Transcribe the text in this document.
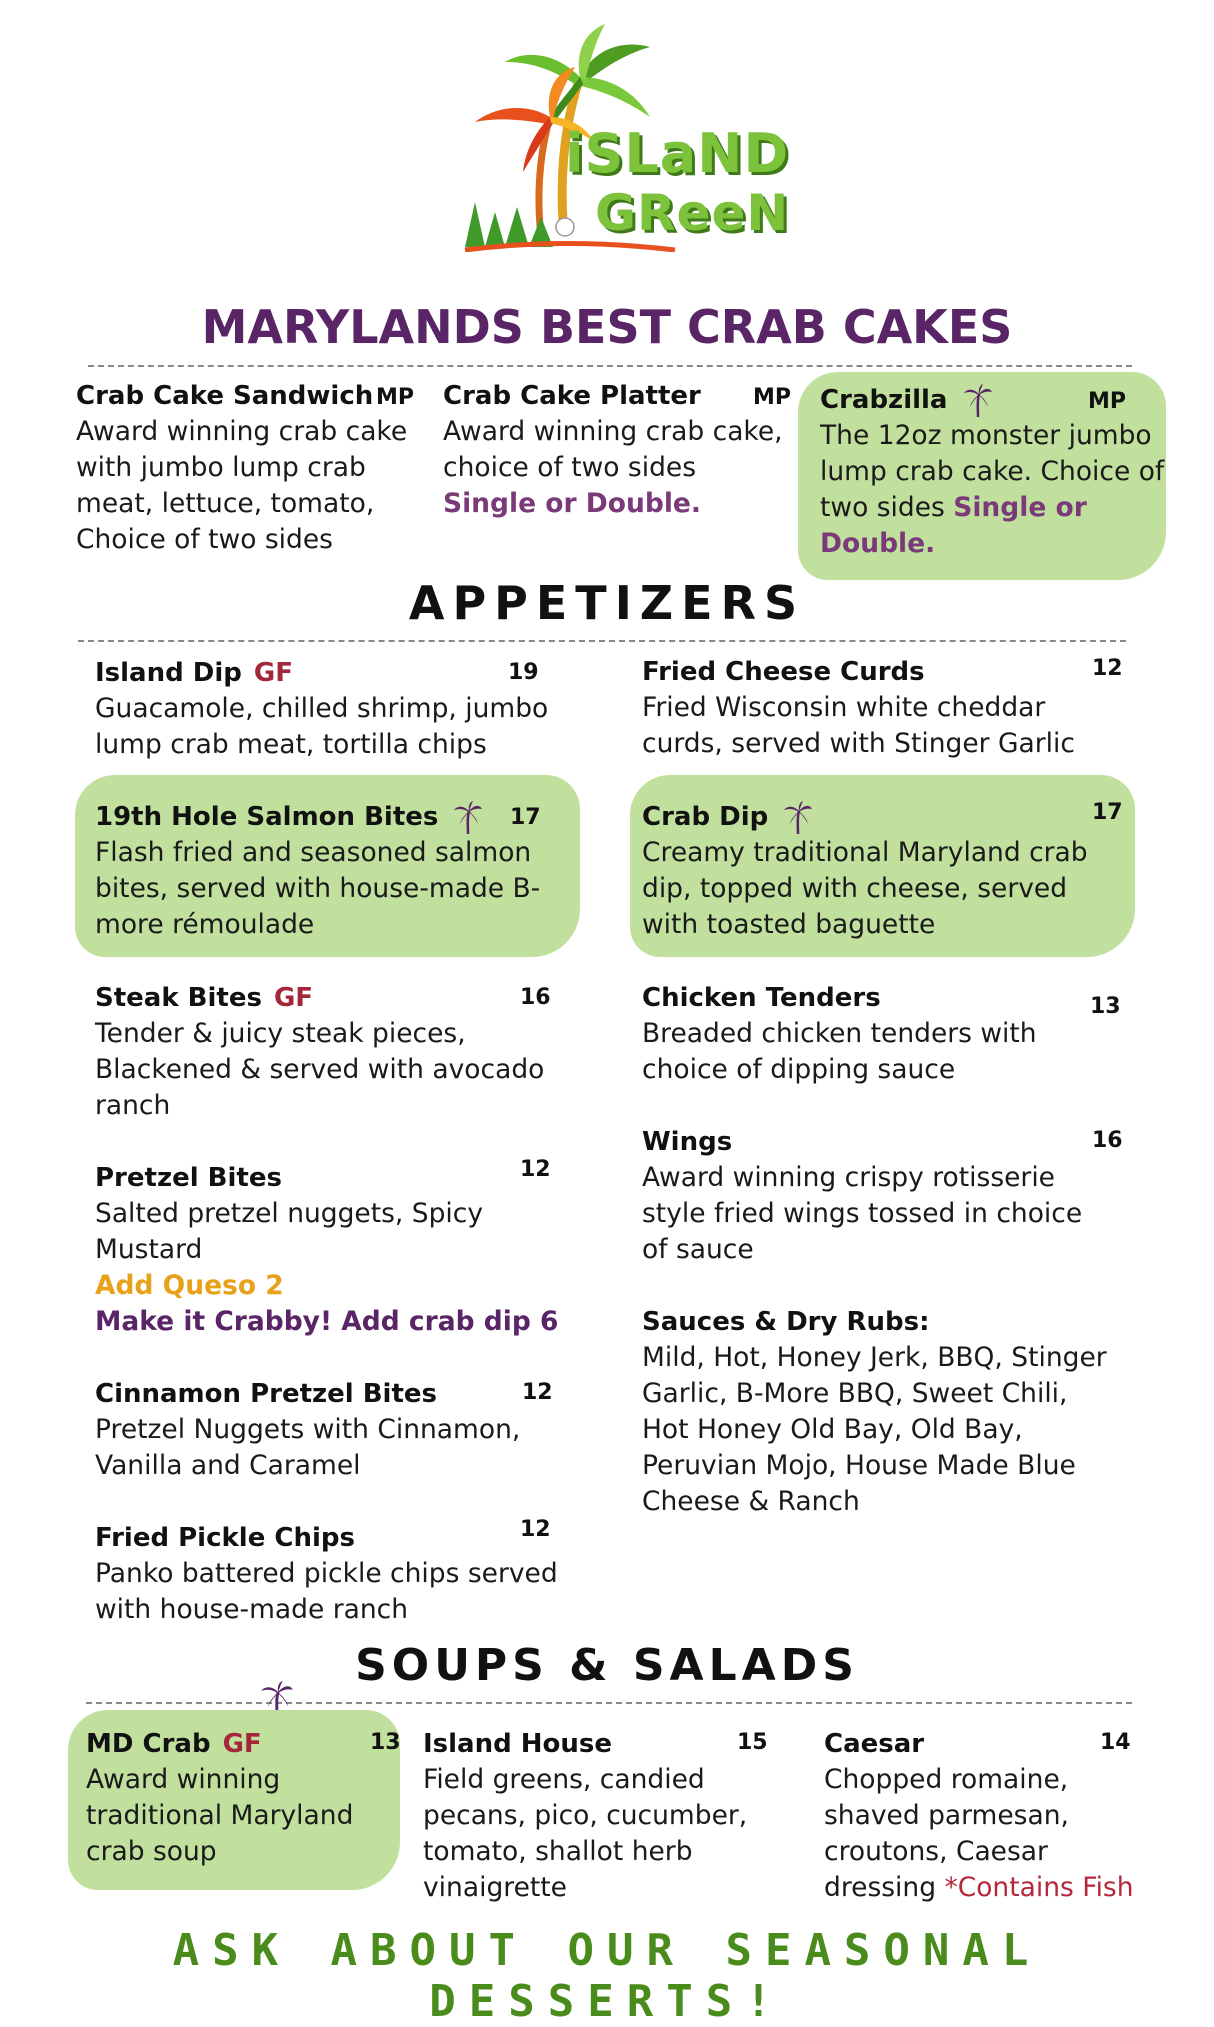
iSLaND
GReeN
MARYLANDS BEST CRAB CAKES
Crab Cake Sandwich
Award winning crab cake with jumbo lump crab meat, lettuce, tomato, Choice of two sides
MP Crab Cake Platter
Award winning crab cake, choice of two sides Single or Double.
MP Crabzilla
The 12oz monster jumbo lump crab cake. Choice of two sides Single or Double.
MP
APPETIZERS
Island Dip GF
Guacamole, chilled shrimp, jumbo lump crab meat, tortilla chips
19
19th Hole Salmon Bites
Flash fried and seasoned salmon bites, served with house-made B-more rémoulade
17
Steak Bites GF
Tender & juicy steak pieces, Blackened & served with avocado ranch
16
Pretzel Bites
Salted pretzel nuggets, Spicy Mustard
Add Queso 2
Make it Crabby! Add crab dip 6
12
Cinnamon Pretzel Bites
Pretzel Nuggets with Cinnamon, Vanilla and Caramel
12
Fried Pickle Chips
Panko battered pickle chips served with house-made ranch
12
Fried Cheese Curds
Fried Wisconsin white cheddar curds, served with Stinger Garlic
12
Crab Dip
Creamy traditional Maryland crab dip, topped with cheese, served with toasted baguette
17
Chicken Tenders
Breaded chicken tenders with choice of dipping sauce
13
Wings
Award winning crispy rotisserie style fried wings tossed in choice of sauce
16
Sauces & Dry Rubs:
Mild, Hot, Honey Jerk, BBQ, Stinger Garlic, B-More BBQ, Sweet Chili, Hot Honey Old Bay, Old Bay, Peruvian Mojo, House Made Blue Cheese & Ranch
SOUPS & SALADS
MD Crab GF
Award winning traditional Maryland crab soup
13 Island House
Field greens, candied pecans, pico, cucumber, tomato, shallot herb vinaigrette
15 Caesar
Chopped romaine, shaved parmesan, croutons, Caesar dressing *Contains Fish
14
ASK ABOUT OUR SEASONAL DESSERTS!
